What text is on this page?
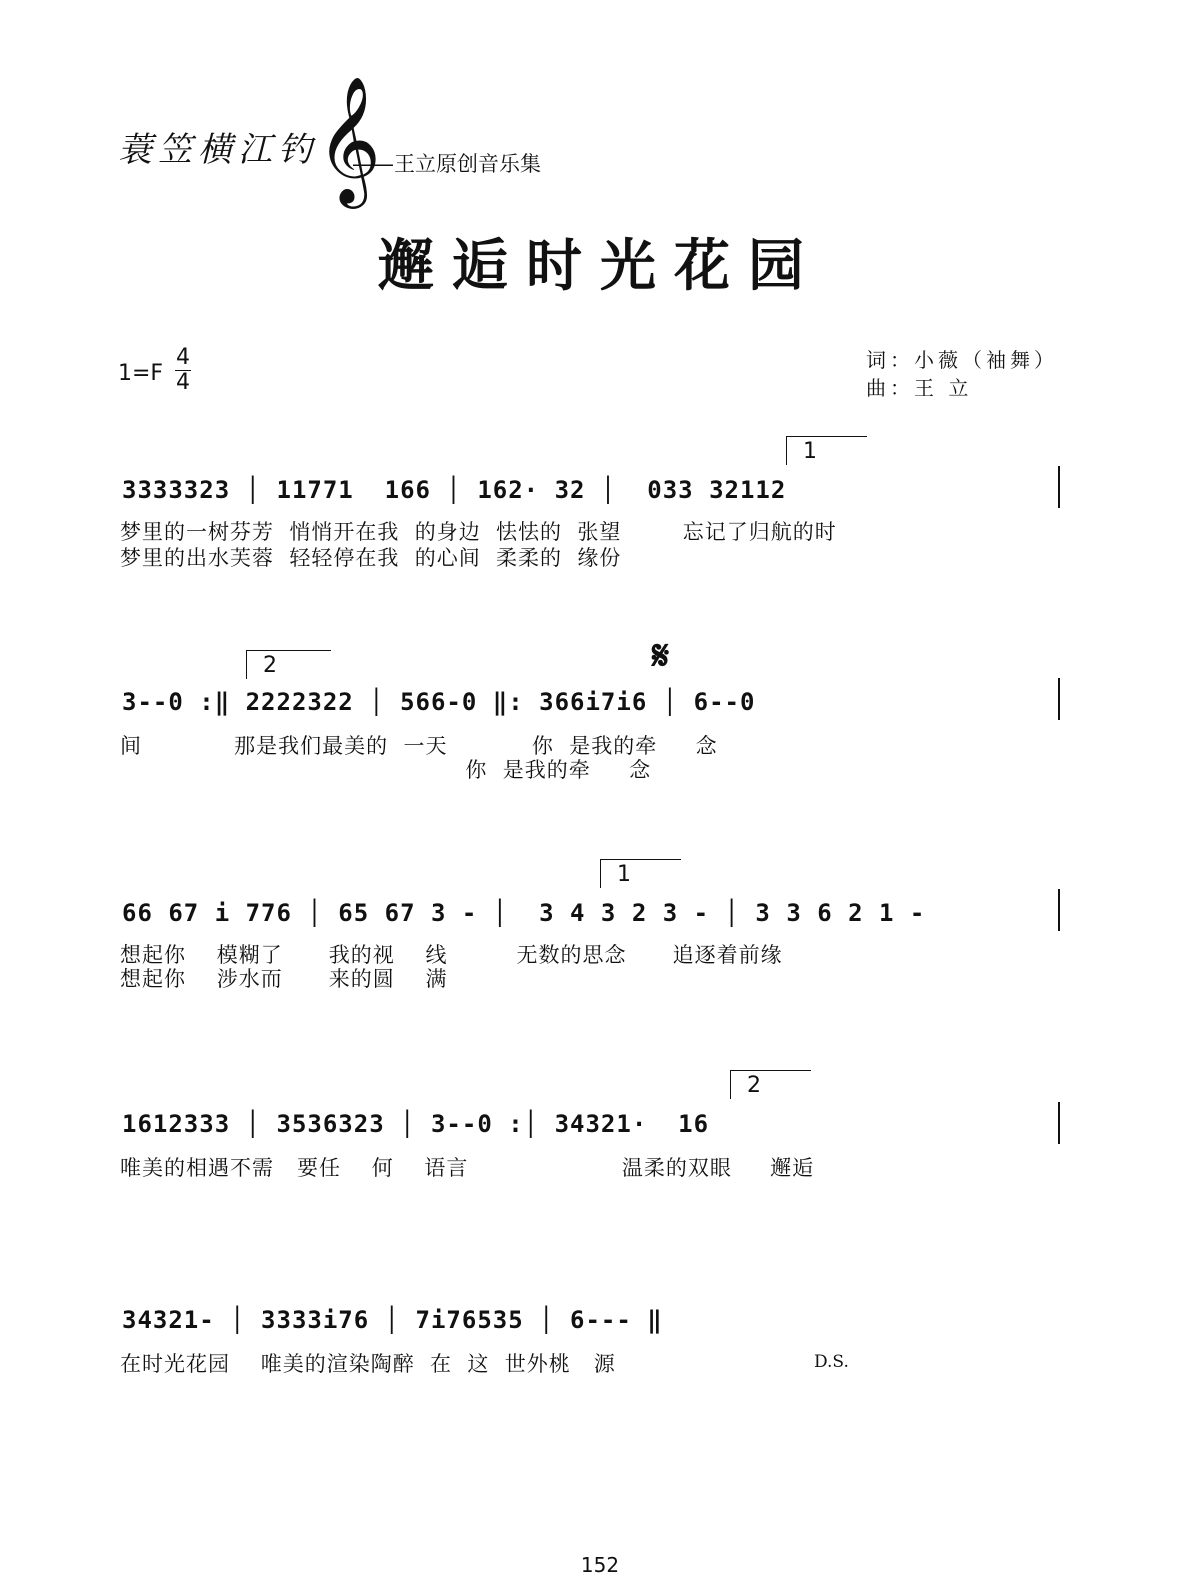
蓑笠横江钓
𝄞
——王立原创音乐集
邂逅时光花园
1=F
4
4
词：小薇（袖舞）
曲：王 立
1
3333323 │ 11771  166 │ 162· 32 │  033 32112
梦里的一树芬芳  悄悄开在我  的身边  怯怯的  张望        忘记了归航的时
梦里的出水芙蓉  轻轻停在我  的心间  柔柔的  缘份
2	𝄋
3--0 :‖ 2222322 │ 566-0 ‖: 366i7i6 │ 6--0
间            那是我们最美的  一天           你  是我的牵     念
你  是我的牵     念
1
66 67 i 776 │ 65 67 3 - │  3 4 3 2 3 - │ 3 3 6 2 1 -
想起你    模糊了      我的视    线         无数的思念      追逐着前缘
想起你    涉水而      来的圆    满
2
1612333 │ 3536323 │ 3--0 :│ 34321·  16
唯美的相遇不需   要任    何    语言                    温柔的双眼     邂逅
34321- │ 3333i76 │ 7i76535 │ 6--- ‖
在时光花园    唯美的渲染陶醉  在  这  世外桃   源	D.S.
152
